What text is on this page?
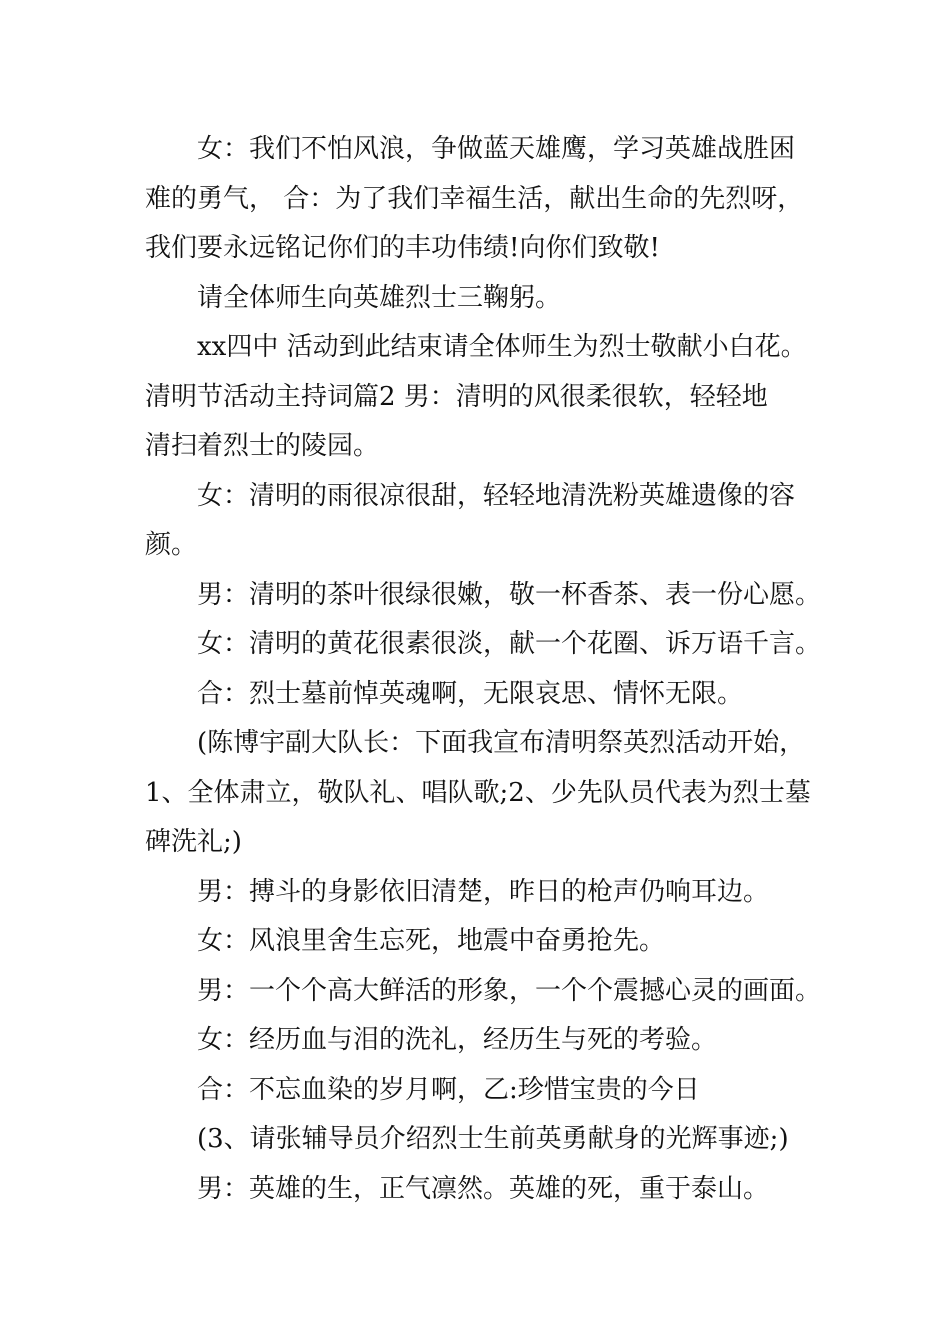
女：我们不怕风浪，争做蓝天雄鹰，学习英雄战胜困

难的勇气， 合：为了我们幸福生活，献出生命的先烈呀，

我们要永远铭记你们的丰功伟绩!向你们致敬!

请全体师生向英雄烈士三鞠躬。

xx四中 活动到此结束请全体师生为烈士敬献小白花。

清明节活动主持词篇2 男：清明的风很柔很软，轻轻地

清扫着烈士的陵园。

女：清明的雨很凉很甜，轻轻地清洗粉英雄遗像的容

颜。

男：清明的茶叶很绿很嫩，敬一杯香茶、表一份心愿。

女：清明的黄花很素很淡，献一个花圈、诉万语千言。

合：烈士墓前悼英魂啊，无限哀思、情怀无限。

(陈博宇副大队长：下面我宣布清明祭英烈活动开始，

1、全体肃立，敬队礼、唱队歌;2、少先队员代表为烈士墓

碑洗礼;)

男：搏斗的身影依旧清楚，昨日的枪声仍响耳边。

女：风浪里舍生忘死，地震中奋勇抢先。

男：一个个高大鲜活的形象，一个个震撼心灵的画面。

女：经历血与泪的洗礼，经历生与死的考验。

合：不忘血染的岁月啊，乙:珍惜宝贵的今日

(3、请张辅导员介绍烈士生前英勇献身的光辉事迹;)

男：英雄的生，正气凛然。英雄的死，重于泰山。
